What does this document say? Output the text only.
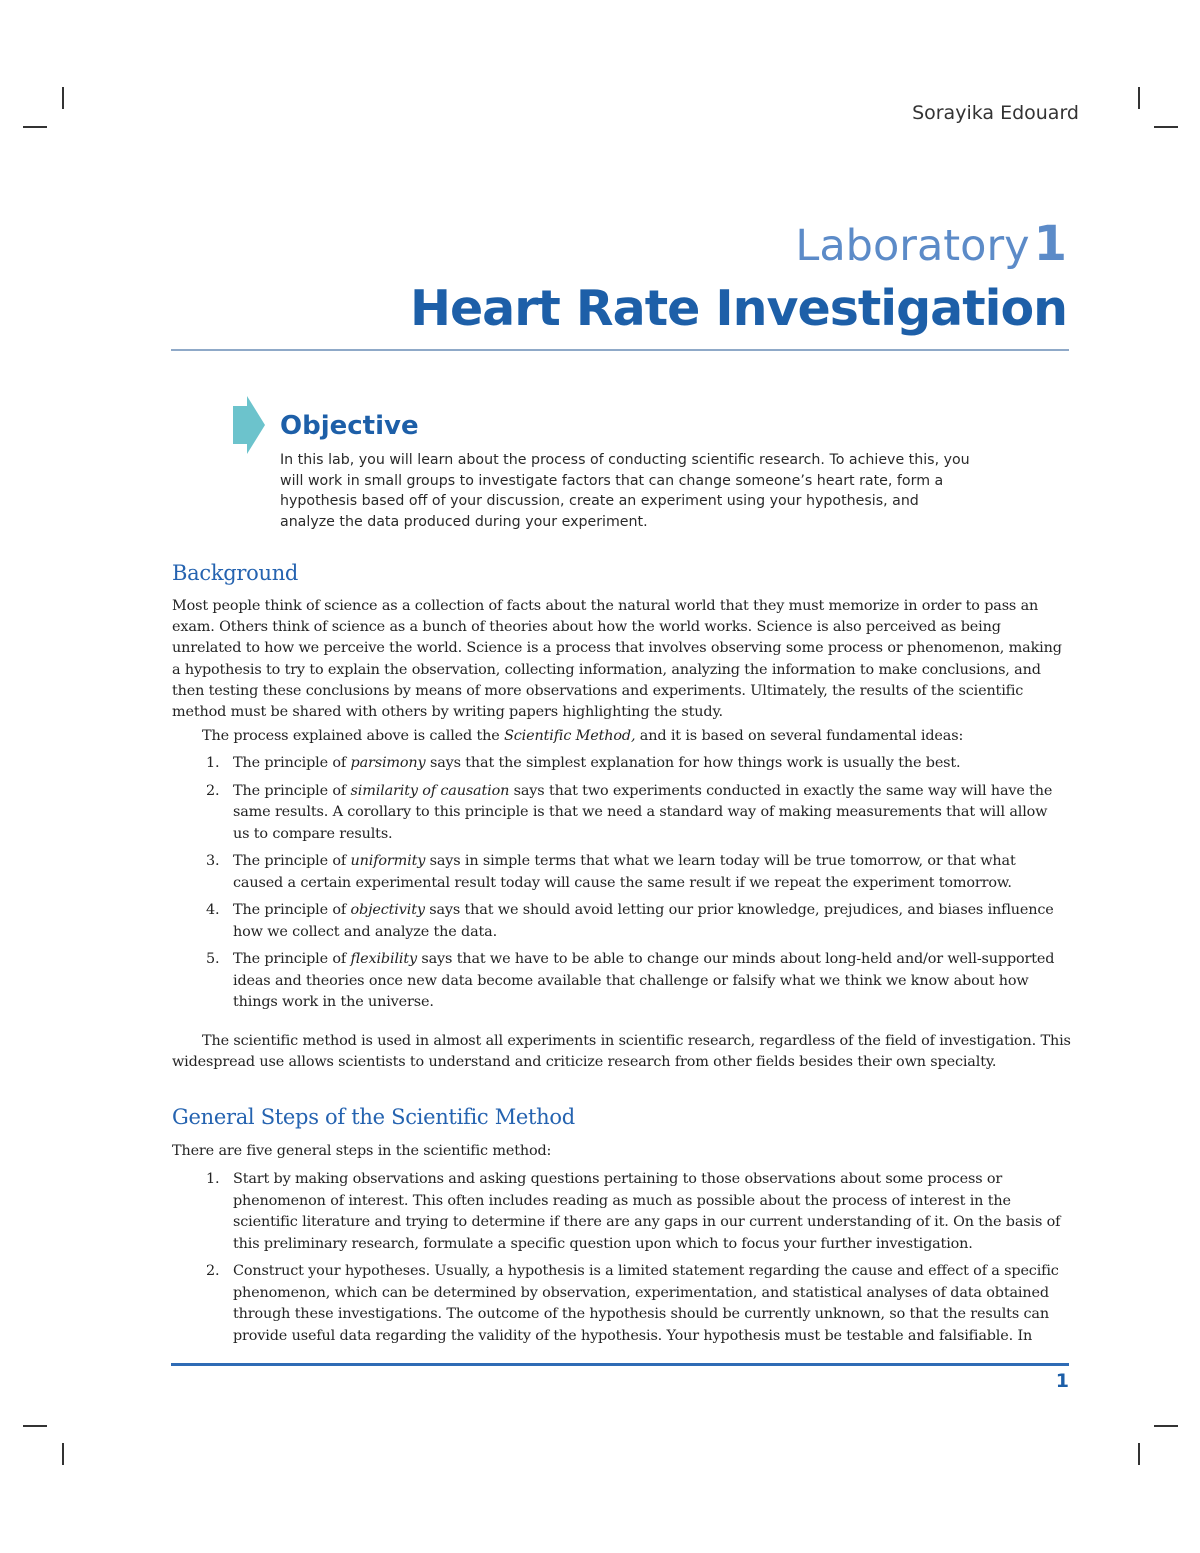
Sorayika Edouard
Laboratory1
Heart Rate Investigation
Objective
In this lab, you will learn about the process of conducting scientific research. To achieve this, you will work in small groups to investigate factors that can change someone’s heart rate, form a hypothesis based off of your discussion, create an experiment using your hypothesis, and analyze the data produced during your experiment.
Background
Most people think of science as a collection of facts about the natural world that they must memorize in order to pass an exam. Others think of science as a bunch of theories about how the world works. Science is also perceived as being unrelated to how we perceive the world. Science is a process that involves observing some process or phenomenon, making a hypothesis to try to explain the observation, collecting information, analyzing the information to make conclusions, and then testing these conclusions by means of more observations and experiments. Ultimately, the results of the scientific method must be shared with others by writing papers highlighting the study.
The process explained above is called the Scientific Method, and it is based on several fundamental ideas:
1. The principle of parsimony says that the simplest explanation for how things work is usually the best.
2. The principle of similarity of causation says that two experiments conducted in exactly the same way will have the same results. A corollary to this principle is that we need a standard way of making measurements that will allow us to compare results.
3. The principle of uniformity says in simple terms that what we learn today will be true tomorrow, or that what caused a certain experimental result today will cause the same result if we repeat the experiment tomorrow.
4. The principle of objectivity says that we should avoid letting our prior knowledge, prejudices, and biases influence how we collect and analyze the data.
5. The principle of flexibility says that we have to be able to change our minds about long-held and/or well-supported ideas and theories once new data become available that challenge or falsify what we think we know about how things work in the universe.
The scientific method is used in almost all experiments in scientific research, regardless of the field of investigation. This widespread use allows scientists to understand and criticize research from other fields besides their own specialty.
General Steps of the Scientific Method
There are five general steps in the scientific method:
1. Start by making observations and asking questions pertaining to those observations about some process or phenomenon of interest. This often includes reading as much as possible about the process of interest in the scientific literature and trying to determine if there are any gaps in our current understanding of it. On the basis of this preliminary research, formulate a specific question upon which to focus your further investigation.
2. Construct your hypotheses. Usually, a hypothesis is a limited statement regarding the cause and effect of a specific phenomenon, which can be determined by observation, experimentation, and statistical analyses of data obtained through these investigations. The outcome of the hypothesis should be currently unknown, so that the results can provide useful data regarding the validity of the hypothesis. Your hypothesis must be testable and falsifiable. In
1
